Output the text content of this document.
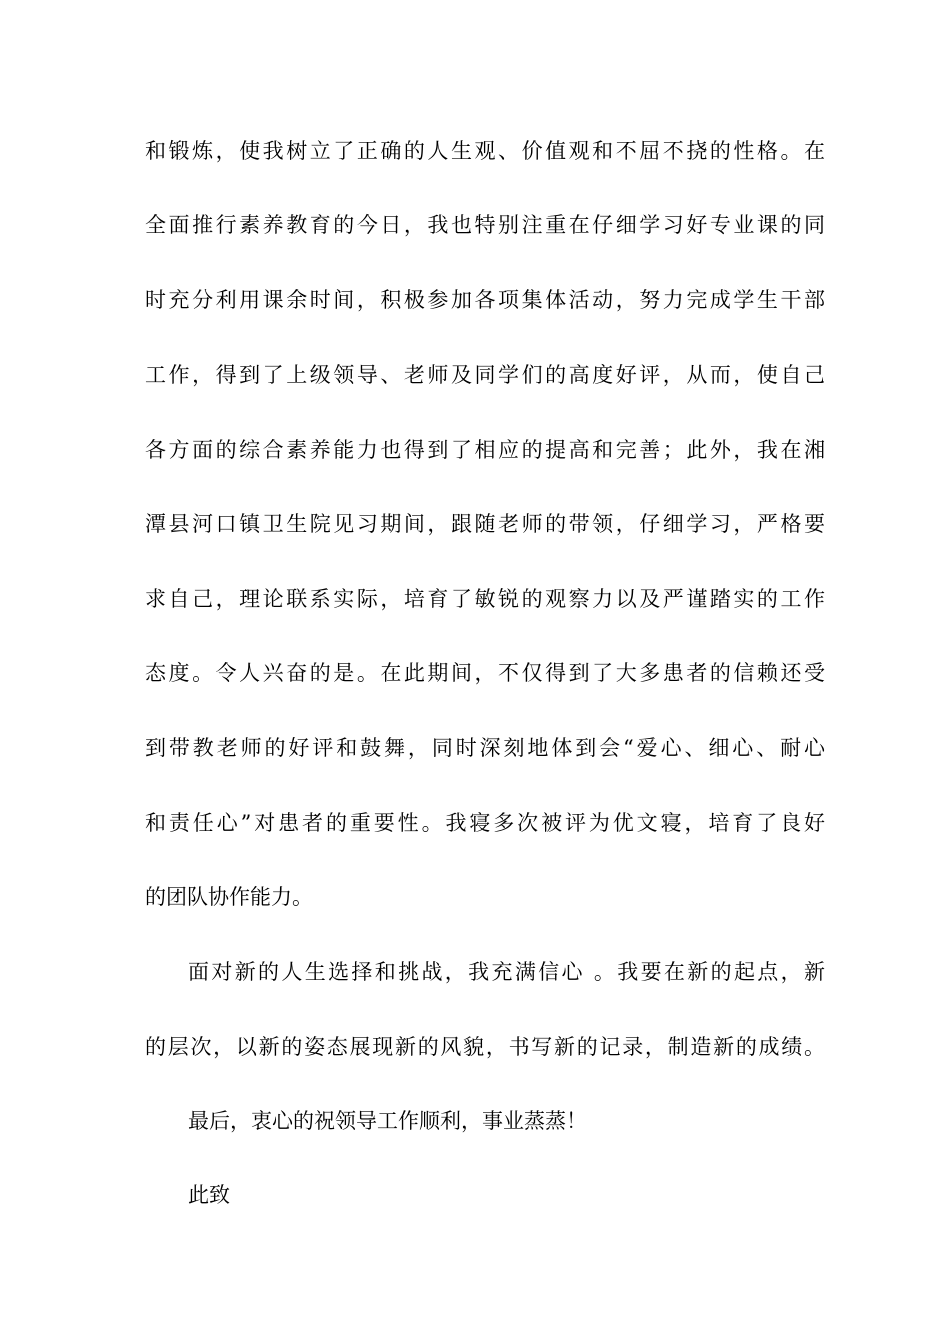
和锻炼，使我树立了正确的人生观、价值观和不屈不挠的性格。在
全面推行素养教育的今日，我也特别注重在仔细学习好专业课的同
时充分利用课余时间，积极参加各项集体活动，努力完成学生干部
工作，得到了上级领导、老师及同学们的高度好评，从而，使自己
各方面的综合素养能力也得到了相应的提高和完善；此外，我在湘
潭县河口镇卫生院见习期间，跟随老师的带领，仔细学习，严格要
求自己，理论联系实际，培育了敏锐的观察力以及严谨踏实的工作
态度。令人兴奋的是。在此期间，不仅得到了大多患者的信赖还受
到带教老师的好评和鼓舞，同时深刻地体到会“爱心、细心、耐心
和责任心”对患者的重要性。我寝多次被评为优文寝，培育了良好
的团队协作能力。
面对新的人生选择和挑战，我充满信心 。我要在新的起点，新
的层次，以新的姿态展现新的风貌，书写新的记录，制造新的成绩。
最后，衷心的祝领导工作顺利，事业蒸蒸！
此致
